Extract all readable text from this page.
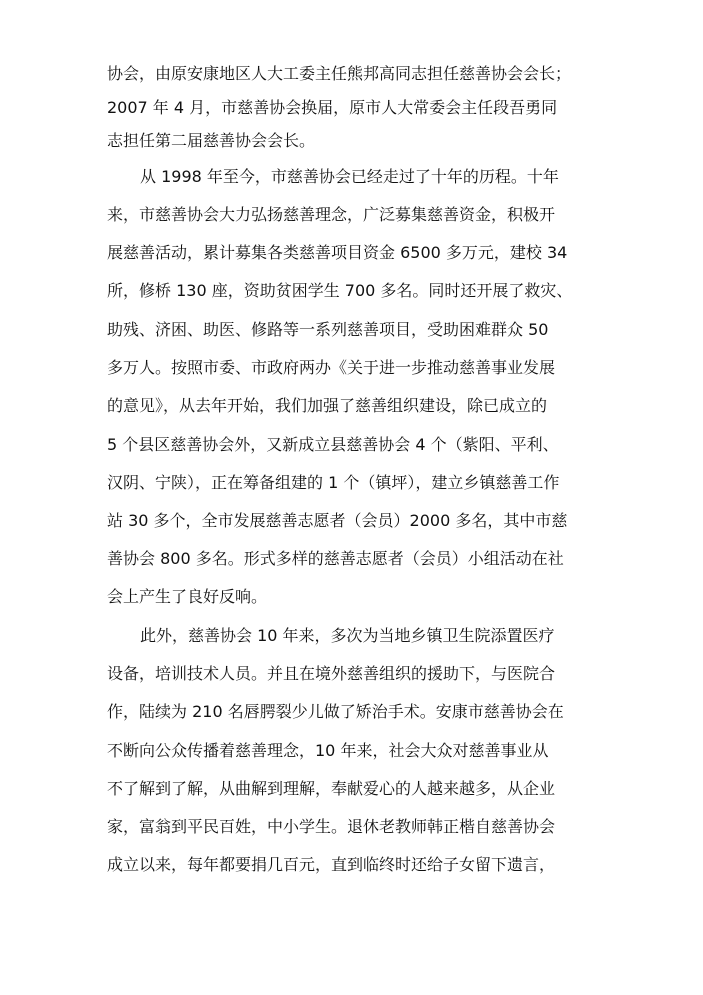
协会，由原安康地区人大工委主任熊邦高同志担任慈善协会会长；
2007 年 4 月，市慈善协会换届，原市人大常委会主任段吾勇同
志担任第二届慈善协会会长。
从 1998 年至今，市慈善协会已经走过了十年的历程。十年
来，市慈善协会大力弘扬慈善理念，广泛募集慈善资金，积极开
展慈善活动，累计募集各类慈善项目资金 6500 多万元，建校 34
所，修桥 130 座，资助贫困学生 700 多名。同时还开展了救灾、
助残、济困、助医、修路等一系列慈善项目，受助困难群众 50
多万人。按照市委、市政府两办《关于进一步推动慈善事业发展
的意见》，从去年开始，我们加强了慈善组织建设，除已成立的
5 个县区慈善协会外，又新成立县慈善协会 4 个（紫阳、平利、
汉阴、宁陕），正在筹备组建的 1 个（镇坪），建立乡镇慈善工作
站 30 多个，全市发展慈善志愿者（会员）2000 多名，其中市慈
善协会 800 多名。形式多样的慈善志愿者（会员）小组活动在社
会上产生了良好反响。
此外，慈善协会 10 年来，多次为当地乡镇卫生院添置医疗
设备，培训技术人员。并且在境外慈善组织的援助下，与医院合
作，陆续为 210 名唇腭裂少儿做了矫治手术。安康市慈善协会在
不断向公众传播着慈善理念，10 年来，社会大众对慈善事业从
不了解到了解，从曲解到理解，奉献爱心的人越来越多，从企业
家，富翁到平民百姓，中小学生。退休老教师韩正楷自慈善协会
成立以来，每年都要捐几百元，直到临终时还给子女留下遗言，
